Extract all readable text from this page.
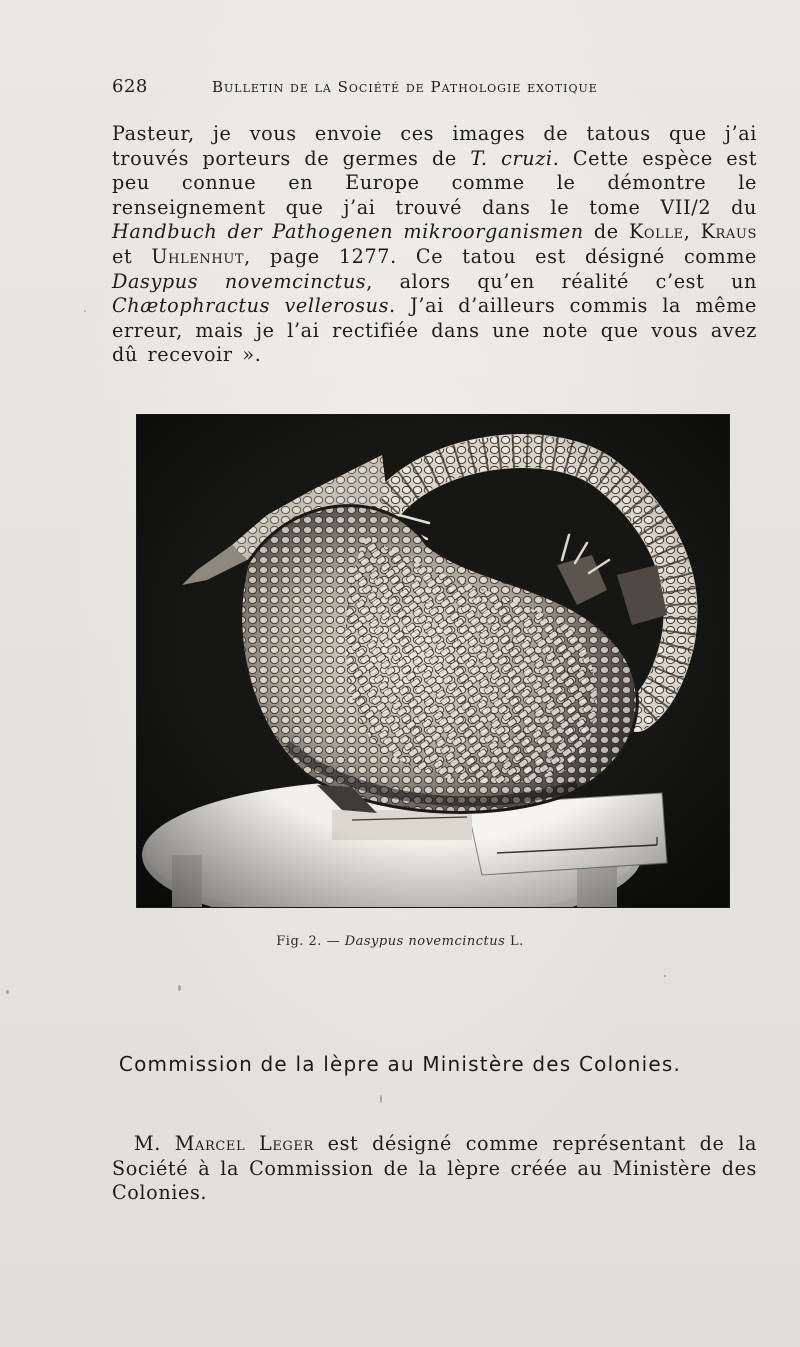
628	Bulletin de la Société de Pathologie exotique
Pasteur, je vous envoie ces images de tatous que j’ai trouvés porteurs de germes de T. cruzi. Cette espèce est peu connue en Europe comme le démontre le renseignement que j’ai trouvé dans le tome VII/2 du Handbuch der Pathogenen mikroorganismen de Kolle, Kraus et Uhlenhut, page 1277. Ce tatou est désigné comme Dasypus novemcinctus, alors qu’en réalité c’est un Chætophractus vellerosus. J’ai d’ailleurs commis la même erreur, mais je l’ai rectifiée dans une note que vous avez dû recevoir ».
Fig. 2. — Dasypus novemcinctus L.
Commission de la lèpre au Ministère des Colonies.
M. Marcel Leger est désigné comme représentant de la Société à la Commission de la lèpre créée au Ministère des Colonies.
